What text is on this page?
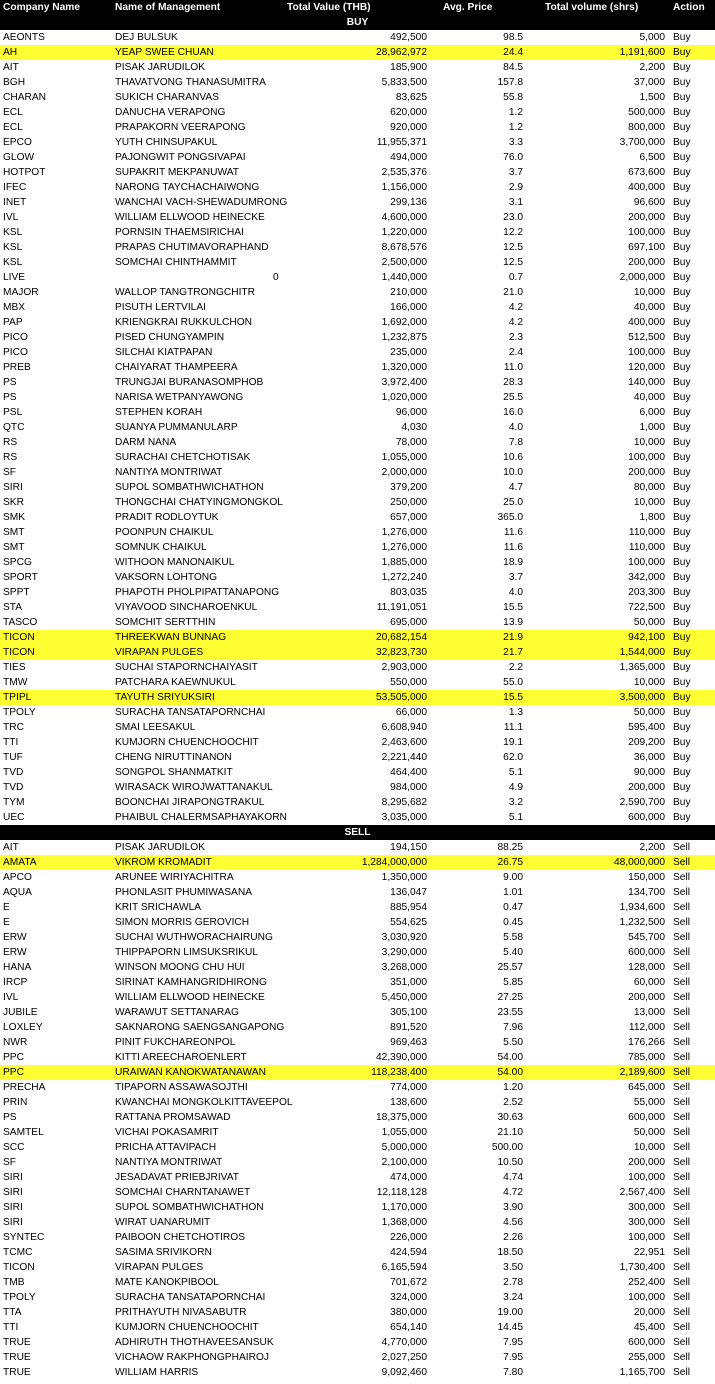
Company Name	Name of Management	Total Value (THB)	Avg. Price	Total volume (shrs)	Action
BUY					
AEONTS	DEJ BULSUK	492,500	98.5	5,000	Buy
AH	YEAP SWEE CHUAN	28,962,972	24.4	1,191,600	Buy
AIT	PISAK JARUDILOK	185,900	84.5	2,200	Buy
BGH	THAVATVONG THANASUMITRA	5,833,500	157.8	37,000	Buy
CHARAN	SUKICH CHARANVAS	83,625	55.8	1,500	Buy
ECL	DANUCHA VERAPONG	620,000	1.2	500,000	Buy
ECL	PRAPAKORN VEERAPONG	920,000	1.2	800,000	Buy
EPCO	YUTH CHINSUPAKUL	11,955,371	3.3	3,700,000	Buy
GLOW	PAJONGWIT PONGSIVAPAI	494,000	76.0	6,500	Buy
HOTPOT	SUPAKRIT MEKPANUWAT	2,535,376	3.7	673,600	Buy
IFEC	NARONG TAYCHACHAIWONG	1,156,000	2.9	400,000	Buy
INET	WANCHAI VACH-SHEWADUMRONG	299,136	3.1	96,600	Buy
IVL	WILLIAM ELLWOOD HEINECKE	4,600,000	23.0	200,000	Buy
KSL	PORNSIN THAEMSIRICHAI	1,220,000	12.2	100,000	Buy
KSL	PRAPAS CHUTIMAVORAPHAND	8,678,576	12.5	697,100	Buy
KSL	SOMCHAI CHINTHAMMIT	2,500,000	12.5	200,000	Buy
LIVE	0	1,440,000	0.7	2,000,000	Buy
MAJOR	WALLOP TANGTRONGCHITR	210,000	21.0	10,000	Buy
MBX	PISUTH LERTVILAI	166,000	4.2	40,000	Buy
PAP	KRIENGKRAI RUKKULCHON	1,692,000	4.2	400,000	Buy
PICO	PISED CHUNGYAMPIN	1,232,875	2.3	512,500	Buy
PICO	SILCHAI KIATPAPAN	235,000	2.4	100,000	Buy
PREB	CHAIYARAT THAMPEERA	1,320,000	11.0	120,000	Buy
PS	TRUNGJAI BURANASOMPHOB	3,972,400	28.3	140,000	Buy
PS	NARISA WETPANYAWONG	1,020,000	25.5	40,000	Buy
PSL	STEPHEN KORAH	96,000	16.0	6,000	Buy
QTC	SUANYA PUMMANULARP	4,030	4.0	1,000	Buy
RS	DARM NANA	78,000	7.8	10,000	Buy
RS	SURACHAI CHETCHOTISAK	1,055,000	10.6	100,000	Buy
SF	NANTIYA MONTRIWAT	2,000,000	10.0	200,000	Buy
SIRI	SUPOL SOMBATHWICHATHON	379,200	4.7	80,000	Buy
SKR	THONGCHAI CHATYINGMONGKOL	250,000	25.0	10,000	Buy
SMK	PRADIT RODLOYTUK	657,000	365.0	1,800	Buy
SMT	POONPUN CHAIKUL	1,276,000	11.6	110,000	Buy
SMT	SOMNUK CHAIKUL	1,276,000	11.6	110,000	Buy
SPCG	WITHOON MANONAIKUL	1,885,000	18.9	100,000	Buy
SPORT	VAKSORN LOHTONG	1,272,240	3.7	342,000	Buy
SPPT	PHAPOTH PHOLPIPATTANAPONG	803,035	4.0	203,300	Buy
STA	VIYAVOOD SINCHAROENKUL	11,191,051	15.5	722,500	Buy
TASCO	SOMCHIT SERTTHIN	695,000	13.9	50,000	Buy
TICON	THREEKWAN BUNNAG	20,682,154	21.9	942,100	Buy
TICON	VIRAPAN PULGES	32,823,730	21.7	1,544,000	Buy
TIES	SUCHAI STAPORNCHAIYASIT	2,903,000	2.2	1,365,000	Buy
TMW	PATCHARA KAEWNUKUL	550,000	55.0	10,000	Buy
TPIPL	TAYUTH SRIYUKSIRI	53,505,000	15.5	3,500,000	Buy
TPOLY	SURACHA TANSATAPORNCHAI	66,000	1.3	50,000	Buy
TRC	SMAI LEESAKUL	6,608,940	11.1	595,400	Buy
TTI	KUMJORN CHUENCHOOCHIT	2,463,600	19.1	209,200	Buy
TUF	CHENG NIRUTTINANON	2,221,440	62.0	36,000	Buy
TVD	SONGPOL SHANMATKIT	464,400	5.1	90,000	Buy
TVD	WIRASACK WIROJWATTANAKUL	984,000	4.9	200,000	Buy
TYM	BOONCHAI JIRAPONGTRAKUL	8,295,682	3.2	2,590,700	Buy
UEC	PHAIBUL CHALERMSAPHAYAKORN	3,035,000	5.1	600,000	Buy
SELL					
AIT	PISAK JARUDILOK	194,150	88.25	2,200	Sell
AMATA	VIKROM KROMADIT	1,284,000,000	26.75	48,000,000	Sell
APCO	ARUNEE WIRIYACHITRA	1,350,000	9.00	150,000	Sell
AQUA	PHONLASIT PHUMIWASANA	136,047	1.01	134,700	Sell
E	KRIT SRICHAWLA	885,954	0.47	1,934,600	Sell
E	SIMON MORRIS GEROVICH	554,625	0.45	1,232,500	Sell
ERW	SUCHAI WUTHWORACHAIRUNG	3,030,920	5.58	545,700	Sell
ERW	THIPPAPORN LIMSUKSRIKUL	3,290,000	5.40	600,000	Sell
HANA	WINSON MOONG CHU HUI	3,268,000	25.57	128,000	Sell
IRCP	SIRINAT KAMHANGRIDHIRONG	351,000	5.85	60,000	Sell
IVL	WILLIAM ELLWOOD HEINECKE	5,450,000	27.25	200,000	Sell
JUBILE	WARAWUT SETTANARAG	305,100	23.55	13,000	Sell
LOXLEY	SAKNARONG SAENGSANGAPONG	891,520	7.96	112,000	Sell
NWR	PINIT FUKCHAREONPOL	969,463	5.50	176,266	Sell
PPC	KITTI AREECHAROENLERT	42,390,000	54.00	785,000	Sell
PPC	URAIWAN KANOKWATANAWAN	118,238,400	54.00	2,189,600	Sell
PRECHA	TIPAPORN ASSAWASOJTHI	774,000	1.20	645,000	Sell
PRIN	KWANCHAI MONGKOLKITTAVEEPOL	138,600	2.52	55,000	Sell
PS	RATTANA PROMSAWAD	18,375,000	30.63	600,000	Sell
SAMTEL	VICHAI POKASAMRIT	1,055,000	21.10	50,000	Sell
SCC	PRICHA ATTAVIPACH	5,000,000	500.00	10,000	Sell
SF	NANTIYA MONTRIWAT	2,100,000	10.50	200,000	Sell
SIRI	JESADAVAT PRIEBJRIVAT	474,000	4.74	100,000	Sell
SIRI	SOMCHAI CHARNTANAWET	12,118,128	4.72	2,567,400	Sell
SIRI	SUPOL SOMBATHWICHATHON	1,170,000	3.90	300,000	Sell
SIRI	WIRAT UANARUMIT	1,368,000	4.56	300,000	Sell
SYNTEC	PAIBOON CHETCHOTIROS	226,000	2.26	100,000	Sell
TCMC	SASIMA SRIVIKORN	424,594	18.50	22,951	Sell
TICON	VIRAPAN PULGES	6,165,594	3.50	1,730,400	Sell
TMB	MATE KANOKPIBOOL	701,672	2.78	252,400	Sell
TPOLY	SURACHA TANSATAPORNCHAI	324,000	3.24	100,000	Sell
TTA	PRITHAYUTH NIVASABUTR	380,000	19.00	20,000	Sell
TTI	KUMJORN CHUENCHOOCHIT	654,140	14.45	45,400	Sell
TRUE	ADHIRUTH THOTHAVEESANSUK	4,770,000	7.95	600,000	Sell
TRUE	VICHAOW RAKPHONGPHAIROJ	2,027,250	7.95	255,000	Sell
TRUE	WILLIAM HARRIS	9,092,460	7.80	1,165,700	Sell
